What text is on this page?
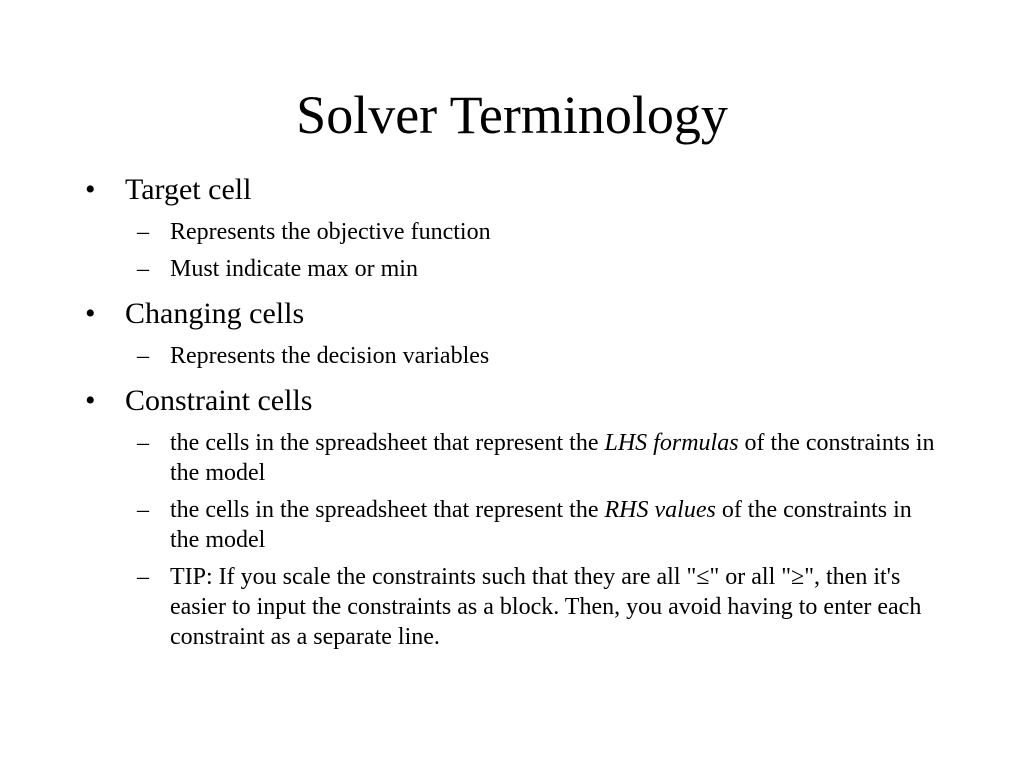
Solver Terminology
• Target cell
– Represents the objective function
– Must indicate max or min
• Changing cells
– Represents the decision variables
• Constraint cells
– the cells in the spreadsheet that represent the LHS formulas of the constraints in the model
– the cells in the spreadsheet that represent the RHS values of the constraints in the model
– TIP: If you scale the constraints such that they are all "≤" or all "≥", then it's easier to input the constraints as a block. Then, you avoid having to enter each constraint as a separate line.
